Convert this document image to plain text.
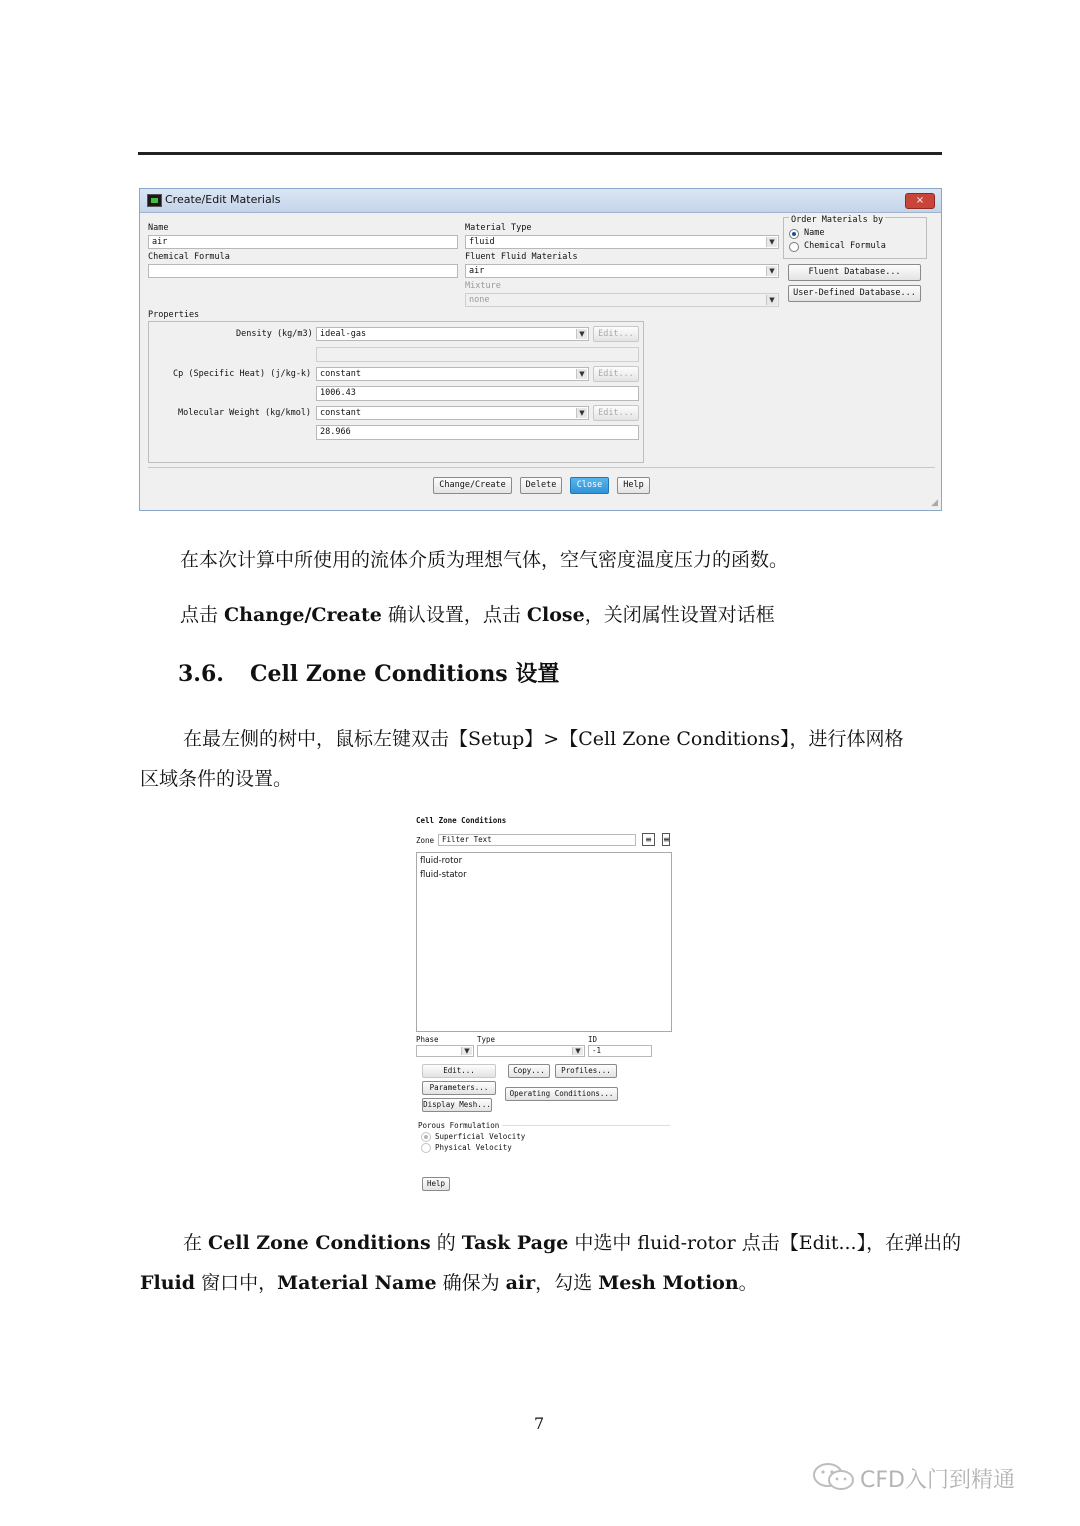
Create/Edit Materials	×
Name
air
Chemical Formula
Material Type
fluid	▼
Fluent Fluid Materials
air	▼
Mixture
none	▼
Order Materials by
Name
Chemical Formula
Fluent Database...
User-Defined Database...
Properties
Density (kg/m3) ideal-gas	▼	Edit...
Cp (Specific Heat) (j/kg-k) constant	▼	Edit...
1006.43
Molecular Weight (kg/kmol) constant	▼	Edit...
28.966
Change/Create	Delete	Close	Help
◢
在本次计算中所使用的流体介质为理想气体，空气密度温度压力的函数。
点击 Change/Create 确认设置，点击 Close，关闭属性设置对话框
3.6. Cell Zone Conditions 设置
在最左侧的树中，鼠标左键双击【Setup】>【Cell Zone Conditions】，进行体网格
区域条件的设置。
Cell Zone Conditions
Zone Filter Text	≡	≡
fluid-rotor
fluid-stator
Phase	Type	ID
▼	▼	-1
Edit...	Copy...	Profiles...
Parameters...
Operating Conditions...
Display Mesh...
Porous Formulation
Superficial Velocity
Physical Velocity
Help
在 Cell Zone Conditions 的 Task Page 中选中 fluid-rotor 点击【Edit...】，在弹出的
Fluid 窗口中，Material Name 确保为 air，勾选 Mesh Motion。
7
CFD入门到精通
